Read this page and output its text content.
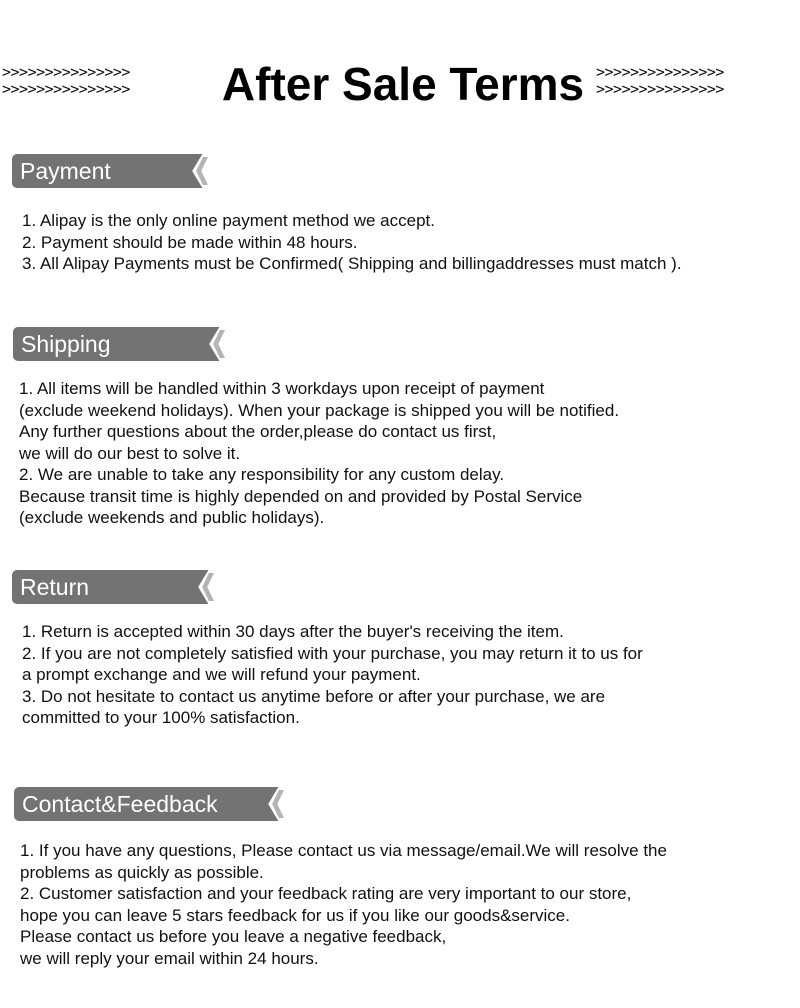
>>>>>>>>>>>>>>>
>>>>>>>>>>>>>>> After Sale Terms >>>>>>>>>>>>>>>
>>>>>>>>>>>>>>>
Payment
1. Alipay is the only online payment method we accept.
2. Payment should be made within 48 hours.
3. All Alipay Payments must be Confirmed( Shipping and billingaddresses must match ).
Shipping
1. All items will be handled within 3 workdays upon receipt of payment
(exclude weekend holidays). When your package is shipped you will be notified.
Any further questions about the order,please do contact us first,
we will do our best to solve it.
2. We are unable to take any responsibility for any custom delay.
Because transit time is highly depended on and provided by Postal Service
(exclude weekends and public holidays).
Return
1. Return is accepted within 30 days after the buyer's receiving the item.
2. If you are not completely satisfied with your purchase, you may return it to us for
a prompt exchange and we will refund your payment.
3. Do not hesitate to contact us anytime before or after your purchase, we are
committed to your 100% satisfaction.
Contact&Feedback
1. If you have any questions, Please contact us via message/email.We will resolve the
problems as quickly as possible.
2. Customer satisfaction and your feedback rating are very important to our store,
hope you can leave 5 stars feedback for us if you like our goods&service.
Please contact us before you leave a negative feedback,
we will reply your email within 24 hours.
